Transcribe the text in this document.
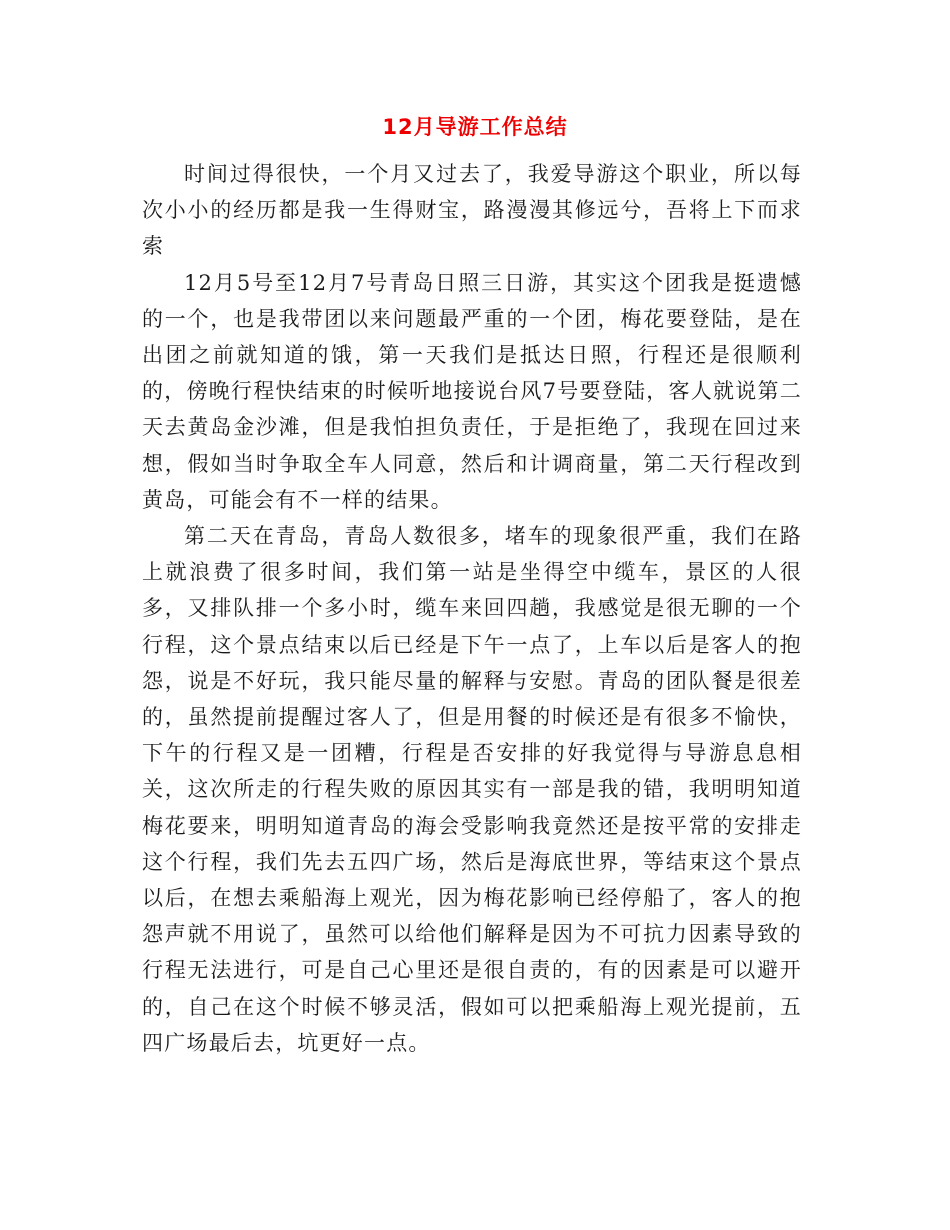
12月导游工作总结

时间过得很快，一个月又过去了，我爱导游这个职业，所以每次小小的经历都是我一生得财宝，路漫漫其修远兮，吾将上下而求索

12月5号至12月7号青岛日照三日游，其实这个团我是挺遗憾的一个，也是我带团以来问题最严重的一个团，梅花要登陆，是在出团之前就知道的饿，第一天我们是抵达日照，行程还是很顺利的，傍晚行程快结束的时候听地接说台风7号要登陆，客人就说第二天去黄岛金沙滩，但是我怕担负责任，于是拒绝了，我现在回过来想，假如当时争取全车人同意，然后和计调商量，第二天行程改到黄岛，可能会有不一样的结果。

第二天在青岛，青岛人数很多，堵车的现象很严重，我们在路上就浪费了很多时间，我们第一站是坐得空中缆车，景区的人很多，又排队排一个多小时，缆车来回四趟，我感觉是很无聊的一个行程，这个景点结束以后已经是下午一点了，上车以后是客人的抱怨，说是不好玩，我只能尽量的解释与安慰。青岛的团队餐是很差的，虽然提前提醒过客人了，但是用餐的时候还是有很多不愉快，下午的行程又是一团糟，行程是否安排的好我觉得与导游息息相关，这次所走的行程失败的原因其实有一部是我的错，我明明知道梅花要来，明明知道青岛的海会受影响我竟然还是按平常的安排走这个行程，我们先去五四广场，然后是海底世界，等结束这个景点以后，在想去乘船海上观光，因为梅花影响已经停船了，客人的抱怨声就不用说了，虽然可以给他们解释是因为不可抗力因素导致的行程无法进行，可是自己心里还是很自责的，有的因素是可以避开的，自己在这个时候不够灵活，假如可以把乘船海上观光提前，五四广场最后去，坑更好一点。
